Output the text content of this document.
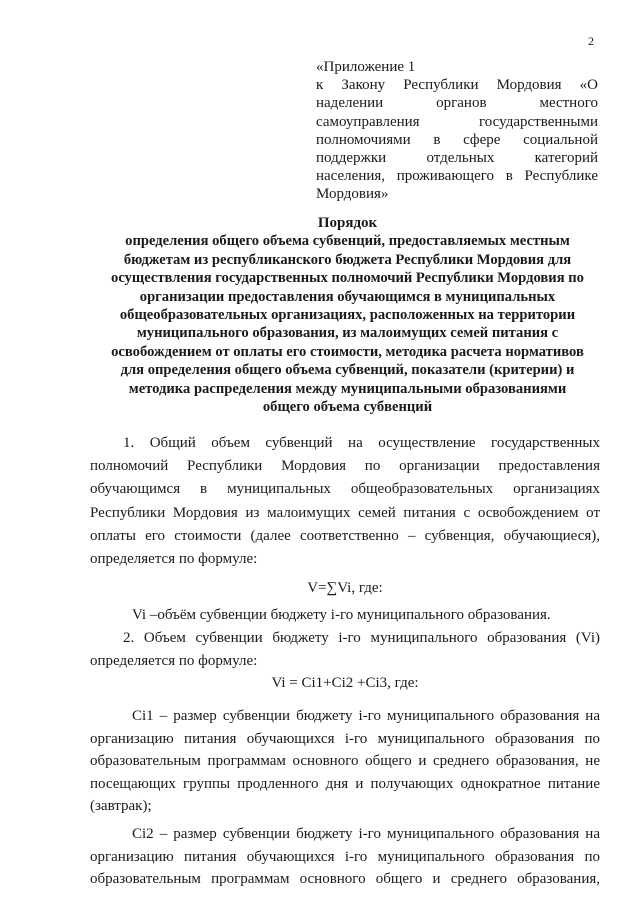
2
«Приложение 1
к Закону Республики Мордовия «О
наделении органов местного
самоуправления государственными
полномочиями в сфере социальной
поддержки отдельных категорий
населения, проживающего в Республике
Мордовия»
Порядок
определения общего объема субвенций, предоставляемых местным
бюджетам из республиканского бюджета Республики Мордовия для
осуществления государственных полномочий Республики Мордовия по
организации предоставления обучающимся в муниципальных
общеобразовательных организациях, расположенных на территории
муниципального образования, из малоимущих семей питания с
освобождением от оплаты его стоимости, методика расчета нормативов
для определения общего объема субвенций, показатели (критерии) и
методика распределения между муниципальными образованиями
общего объема субвенций
1. Общий объем субвенций на осуществление государственных
полномочий Республики Мордовия по организации предоставления
обучающимся в муниципальных общеобразовательных организациях
Республики Мордовия из малоимущих семей питания с освобождением от
оплаты его стоимости (далее соответственно – субвенция, обучающиеся),
определяется по формуле:
V=∑Vi, где:
Vi –объём субвенции бюджету i-го муниципального образования.
2. Объем субвенции бюджету i-го муниципального образования (Vi)
определяется по формуле:
Vi = Ci1+Ci2 +Ci3, где:
Ci1 – размер субвенции бюджету i-го муниципального образования на
организацию питания обучающихся i-го муниципального образования по
образовательным программам основного общего и среднего образования, не
посещающих группы продленного дня и получающих однократное питание
(завтрак);
Ci2 – размер субвенции бюджету i-го муниципального образования на
организацию питания обучающихся i-го муниципального образования по
образовательным программам основного общего и среднего образования,
